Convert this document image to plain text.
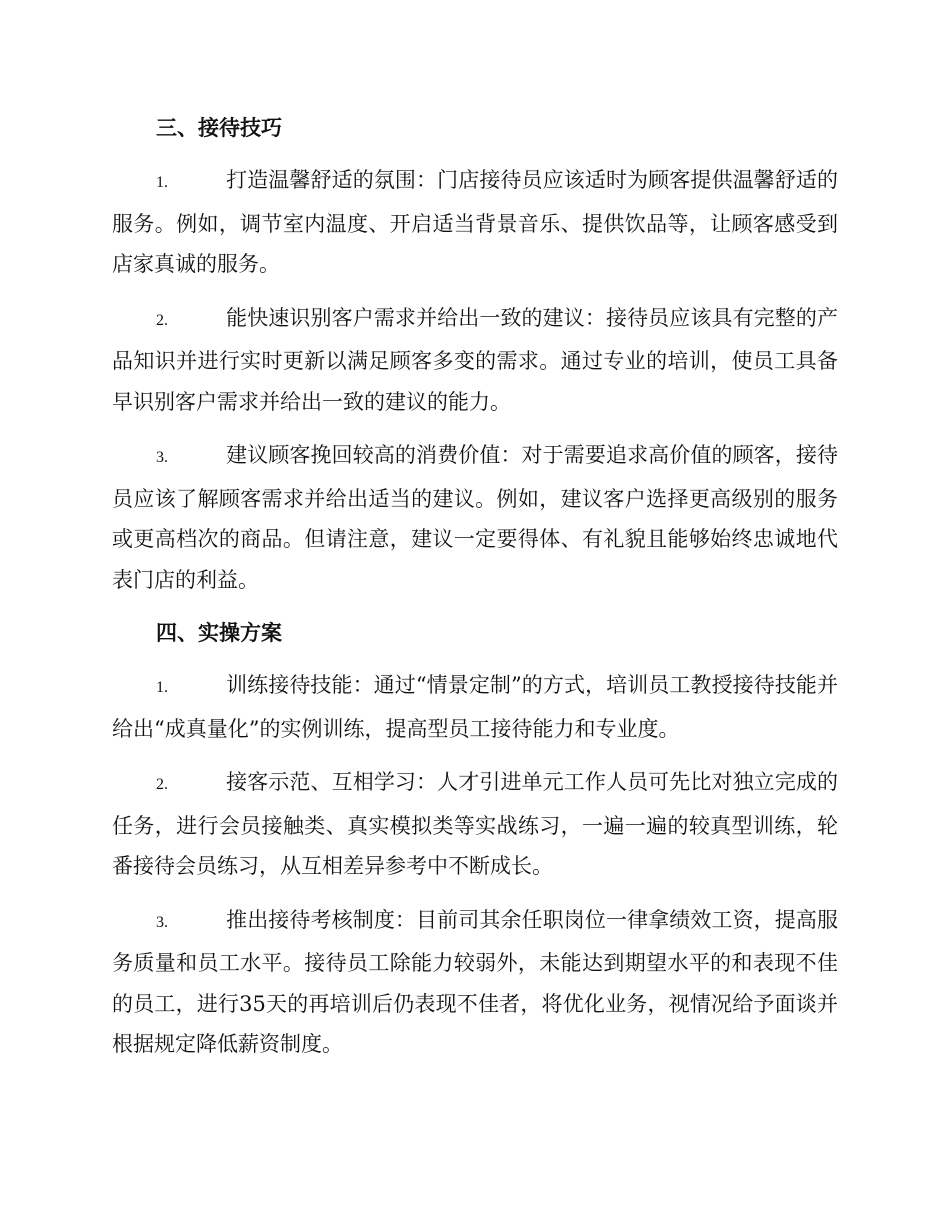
三、接待技巧

1.	打造温馨舒适的氛围：门店接待员应该适时为顾客提供温馨舒适的服务。例如，调节室内温度、开启适当背景音乐、提供饮品等，让顾客感受到店家真诚的服务。

2.	能快速识别客户需求并给出一致的建议：接待员应该具有完整的产品知识并进行实时更新以满足顾客多变的需求。通过专业的培训，使员工具备早识别客户需求并给出一致的建议的能力。

3.	建议顾客挽回较高的消费价值：对于需要追求高价值的顾客，接待员应该了解顾客需求并给出适当的建议。例如，建议客户选择更高级别的服务或更高档次的商品。但请注意，建议一定要得体、有礼貌且能够始终忠诚地代表门店的利益。

四、实操方案

1.	训练接待技能：通过“情景定制”的方式，培训员工教授接待技能并给出“成真量化”的实例训练，提高型员工接待能力和专业度。

2.	接客示范、互相学习：人才引进单元工作人员可先比对独立完成的任务，进行会员接触类、真实模拟类等实战练习，一遍一遍的较真型训练，轮番接待会员练习，从互相差异参考中不断成长。

3.	推出接待考核制度：目前司其余任职岗位一律拿绩效工资，提高服务质量和员工水平。接待员工除能力较弱外，未能达到期望水平的和表现不佳的员工，进行35天的再培训后仍表现不佳者，将优化业务，视情况给予面谈并根据规定降低薪资制度。
